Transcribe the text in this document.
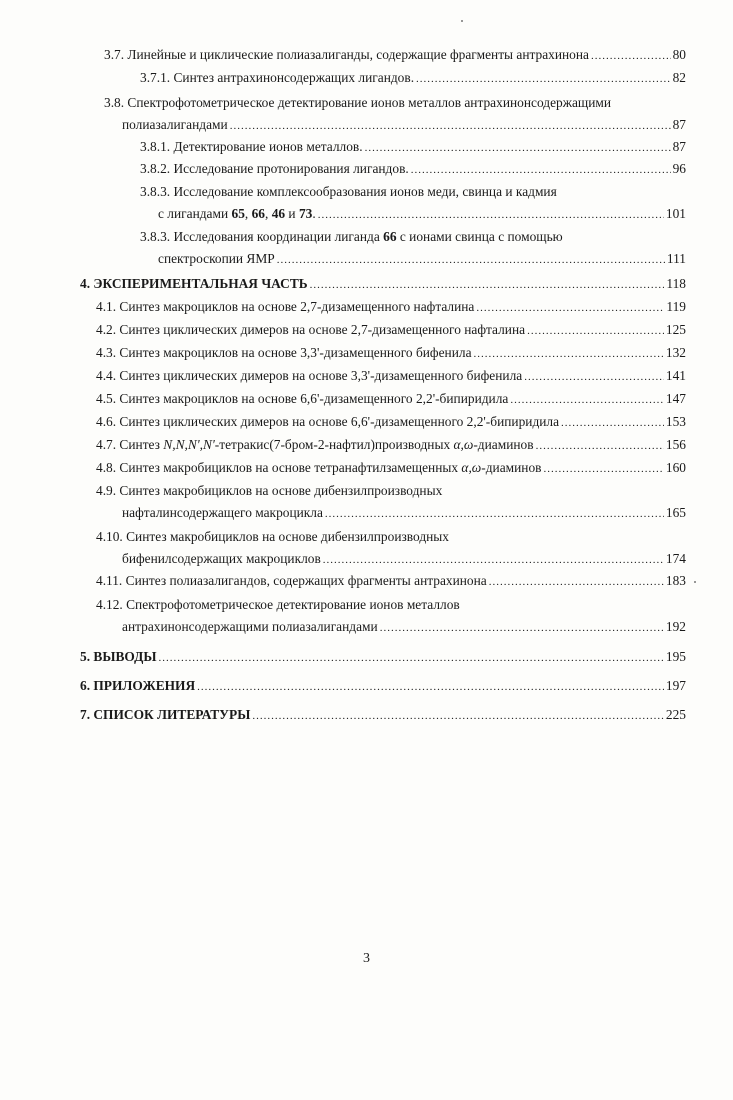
3.7. Линейные и циклические полиазалиганды, содержащие фрагменты антрахинона .....	80
3.7.1. Синтез антрахинонсодержащих лигандов. .....	82
3.8. Спектрофотометрическое детектирование ионов металлов антрахинонсодержащими
полиазалигандами .....	87
3.8.1. Детектирование ионов металлов. .....	87
3.8.2. Исследование протонирования лигандов. .....	96
3.8.3. Исследование комплексообразования ионов меди, свинца и кадмия
с лигандами 65, 66, 46 и 73. .....	101
3.8.3. Исследования координации лиганда 66 с ионами свинца с помощью
спектроскопии ЯМР .....	111
4. ЭКСПЕРИМЕНТАЛЬНАЯ ЧАСТЬ .....	118
4.1. Синтез макроциклов на основе 2,7-дизамещенного нафталина .....	119
4.2. Синтез циклических димеров на основе 2,7-дизамещенного нафталина .....	125
4.3. Синтез макроциклов на основе 3,3'-дизамещенного бифенила .....	132
4.4. Синтез циклических димеров на основе 3,3'-дизамещенного бифенила .....	141
4.5. Синтез макроциклов на основе 6,6'-дизамещенного 2,2'-бипиридила .....	147
4.6. Синтез циклических димеров на основе 6,6'-дизамещенного 2,2'-бипиридила .....	153
4.7. Синтез N,N,N',N'-тетракис(7-бром-2-нафтил)производных α,ω-диаминов .....	156
4.8. Синтез макробициклов на основе тетранафтилзамещенных α,ω-диаминов .....	160
4.9. Синтез макробициклов на основе дибензилпроизводных
нафталинсодержащего макроцикла .....	165
4.10. Синтез макробициклов на основе дибензилпроизводных
бифенилсодержащих макроциклов .....	174
4.11. Синтез полиазалигандов, содержащих фрагменты антрахинона .....	183
4.12. Спектрофотометрическое детектирование ионов металлов
антрахинонсодержащими полиазалигандами .....	192
5. ВЫВОДЫ .....	195
6. ПРИЛОЖЕНИЯ .....	197
7. СПИСОК ЛИТЕРАТУРЫ .....	225
3
